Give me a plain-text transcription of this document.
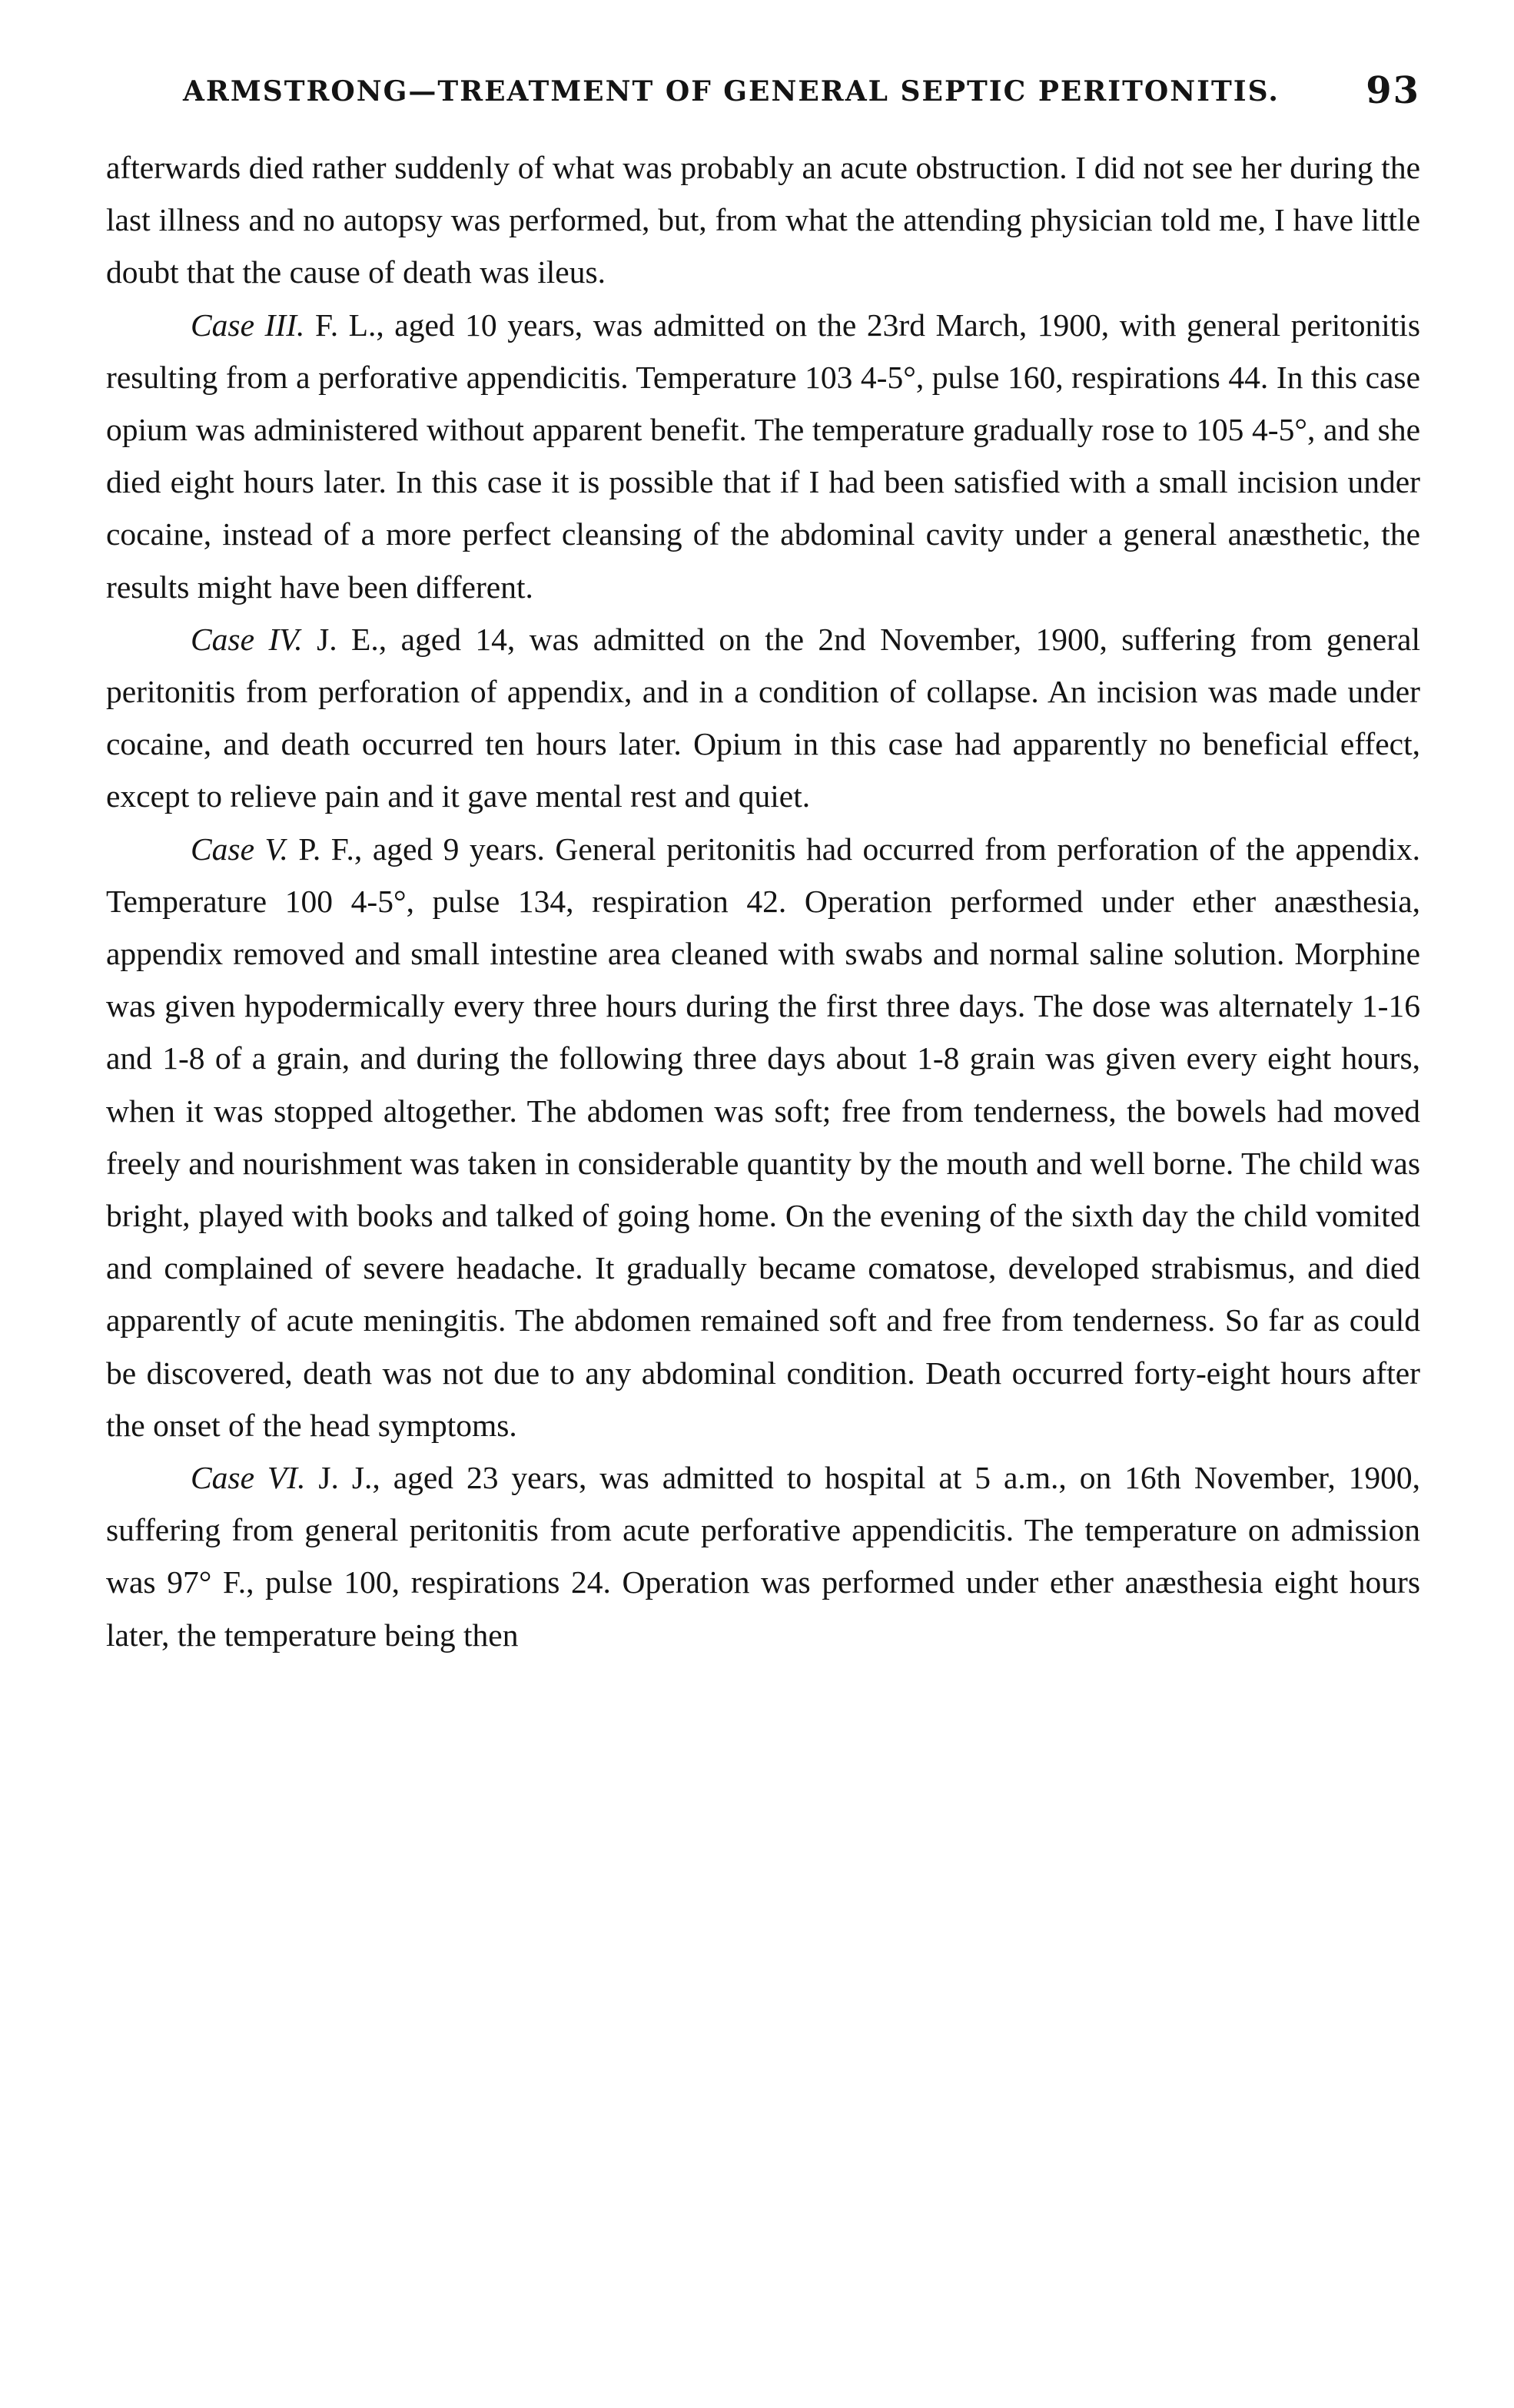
ARMSTRONG—TREATMENT OF GENERAL SEPTIC PERITONITIS. 93

afterwards died rather suddenly of what was probably an acute obstruction. I did not see her during the last illness and no autopsy was performed, but, from what the attending physician told me, I have little doubt that the cause of death was ileus.

Case III. F. L., aged 10 years, was admitted on the 23rd March, 1900, with general peritonitis resulting from a perforative appendicitis. Temperature 103 4-5°, pulse 160, respirations 44. In this case opium was administered without apparent benefit. The temperature gradually rose to 105 4-5°, and she died eight hours later. In this case it is possible that if I had been satisfied with a small incision under cocaine, instead of a more perfect cleansing of the abdominal cavity under a general anæsthetic, the results might have been different.

Case IV. J. E., aged 14, was admitted on the 2nd November, 1900, suffering from general peritonitis from perforation of appendix, and in a condition of collapse. An incision was made under cocaine, and death occurred ten hours later. Opium in this case had apparently no beneficial effect, except to relieve pain and it gave mental rest and quiet.

Case V. P. F., aged 9 years. General peritonitis had occurred from perforation of the appendix. Temperature 100 4-5°, pulse 134, respiration 42. Operation performed under ether anæsthesia, appendix removed and small intestine area cleaned with swabs and normal saline solution. Morphine was given hypodermically every three hours during the first three days. The dose was alternately 1-16 and 1-8 of a grain, and during the following three days about 1-8 grain was given every eight hours, when it was stopped altogether. The abdomen was soft; free from tenderness, the bowels had moved freely and nourishment was taken in considerable quantity by the mouth and well borne. The child was bright, played with books and talked of going home. On the evening of the sixth day the child vomited and complained of severe headache. It gradually became comatose, developed strabismus, and died apparently of acute meningitis. The abdomen remained soft and free from tenderness. So far as could be discovered, death was not due to any abdominal condition. Death occurred forty-eight hours after the onset of the head symptoms.

Case VI. J. J., aged 23 years, was admitted to hospital at 5 a.m., on 16th November, 1900, suffering from general peritonitis from acute perforative appendicitis. The temperature on admission was 97° F., pulse 100, respirations 24. Operation was performed under ether anæsthesia eight hours later, the temperature being then
